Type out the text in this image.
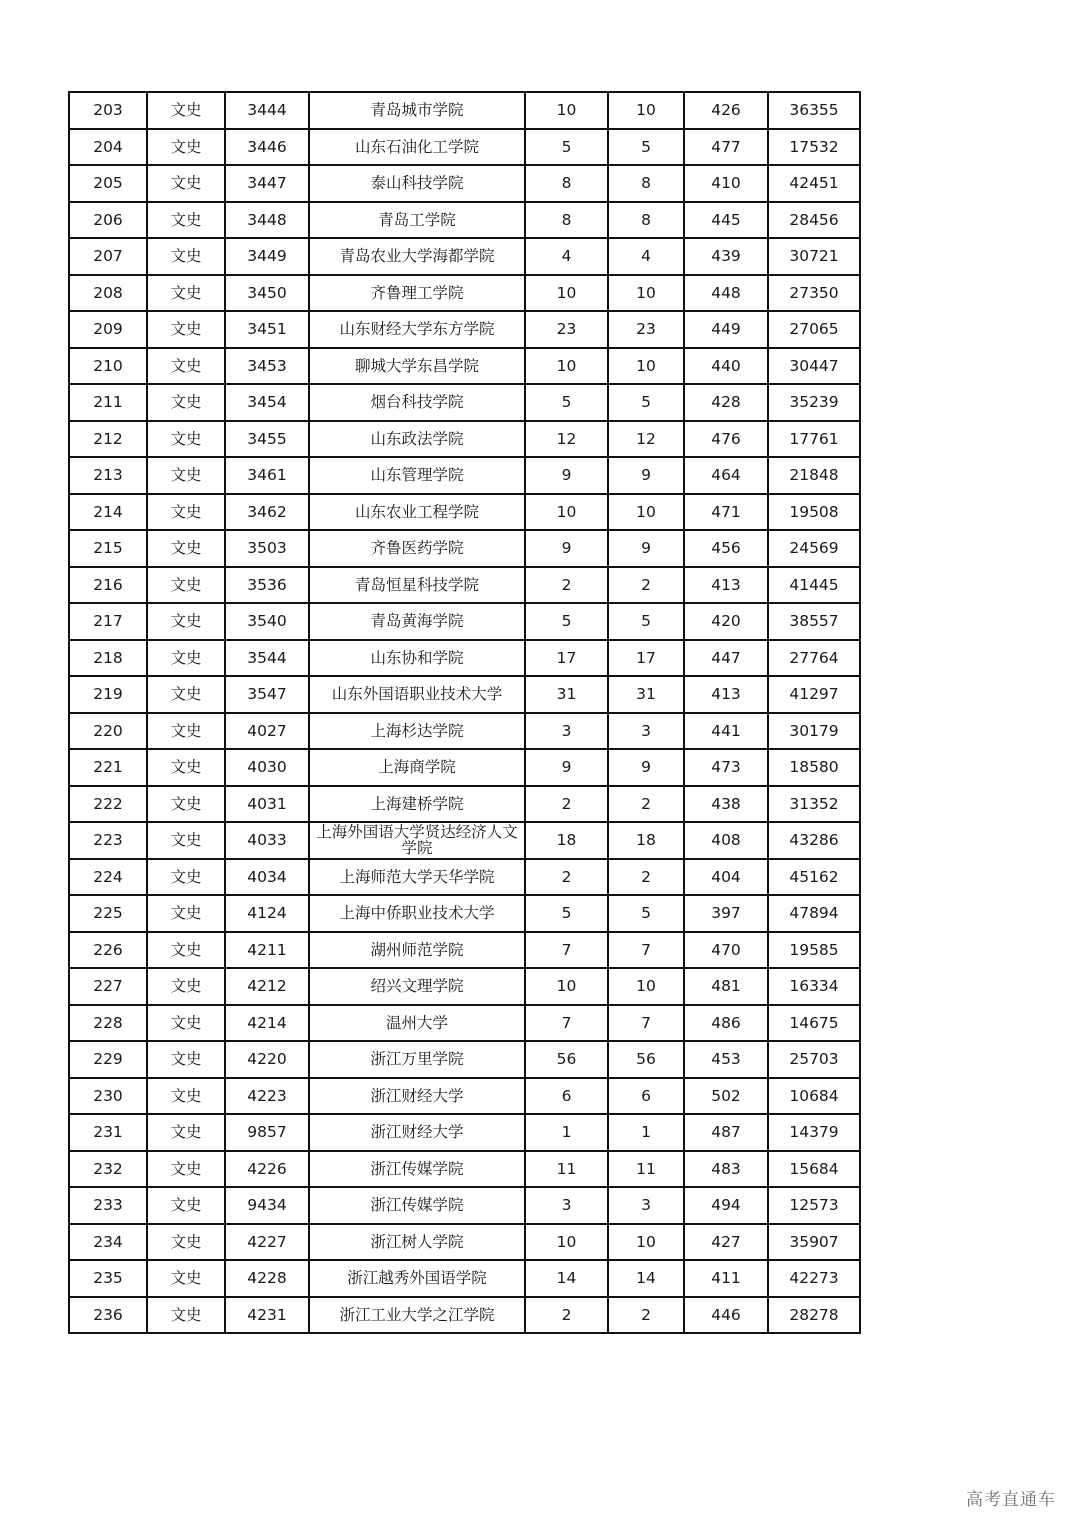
203	文史	3444	青岛城市学院	10	10	426	36355
204	文史	3446	山东石油化工学院	5	5	477	17532
205	文史	3447	泰山科技学院	8	8	410	42451
206	文史	3448	青岛工学院	8	8	445	28456
207	文史	3449	青岛农业大学海都学院	4	4	439	30721
208	文史	3450	齐鲁理工学院	10	10	448	27350
209	文史	3451	山东财经大学东方学院	23	23	449	27065
210	文史	3453	聊城大学东昌学院	10	10	440	30447
211	文史	3454	烟台科技学院	5	5	428	35239
212	文史	3455	山东政法学院	12	12	476	17761
213	文史	3461	山东管理学院	9	9	464	21848
214	文史	3462	山东农业工程学院	10	10	471	19508
215	文史	3503	齐鲁医药学院	9	9	456	24569
216	文史	3536	青岛恒星科技学院	2	2	413	41445
217	文史	3540	青岛黄海学院	5	5	420	38557
218	文史	3544	山东协和学院	17	17	447	27764
219	文史	3547	山东外国语职业技术大学	31	31	413	41297
220	文史	4027	上海杉达学院	3	3	441	30179
221	文史	4030	上海商学院	9	9	473	18580
222	文史	4031	上海建桥学院	2	2	438	31352
223	文史	4033	上海外国语大学贤达经济人文学院	18	18	408	43286
224	文史	4034	上海师范大学天华学院	2	2	404	45162
225	文史	4124	上海中侨职业技术大学	5	5	397	47894
226	文史	4211	湖州师范学院	7	7	470	19585
227	文史	4212	绍兴文理学院	10	10	481	16334
228	文史	4214	温州大学	7	7	486	14675
229	文史	4220	浙江万里学院	56	56	453	25703
230	文史	4223	浙江财经大学	6	6	502	10684
231	文史	9857	浙江财经大学	1	1	487	14379
232	文史	4226	浙江传媒学院	11	11	483	15684
233	文史	9434	浙江传媒学院	3	3	494	12573
234	文史	4227	浙江树人学院	10	10	427	35907
235	文史	4228	浙江越秀外国语学院	14	14	411	42273
236	文史	4231	浙江工业大学之江学院	2	2	446	28278
高考直通车
